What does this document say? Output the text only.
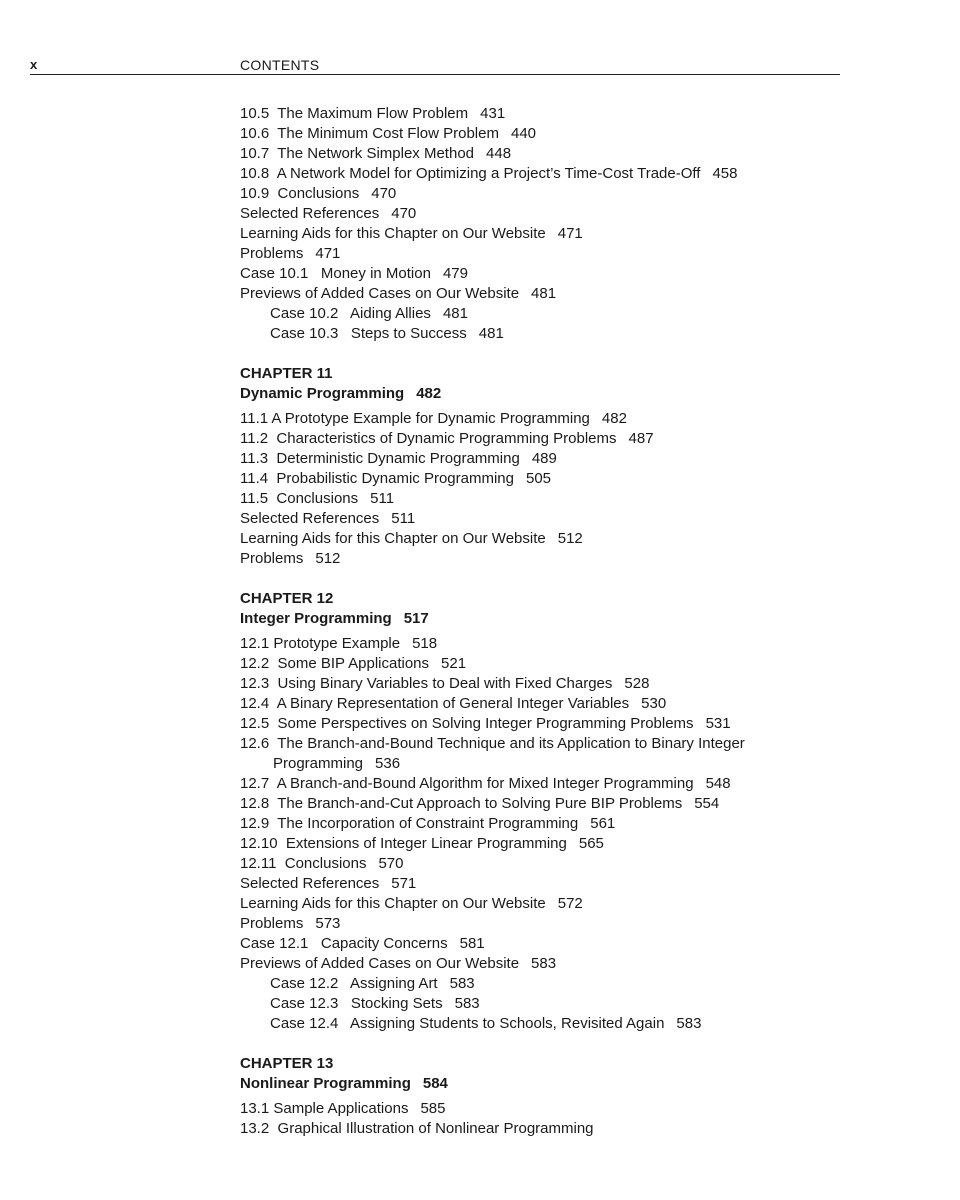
x	CONTENTS
10.5  The Maximum Flow Problem 431
10.6  The Minimum Cost Flow Problem 440
10.7  The Network Simplex Method 448
10.8  A Network Model for Optimizing a Project’s Time-Cost Trade-Off 458
10.9  Conclusions 470
Selected References 470
Learning Aids for this Chapter on Our Website 471
Problems 471
Case 10.1   Money in Motion 479
Previews of Added Cases on Our Website 481
Case 10.2   Aiding Allies 481
Case 10.3   Steps to Success 481
CHAPTER 11
Dynamic Programming 482
11.1 A Prototype Example for Dynamic Programming 482
11.2  Characteristics of Dynamic Programming Problems 487
11.3  Deterministic Dynamic Programming 489
11.4  Probabilistic Dynamic Programming 505
11.5  Conclusions 511
Selected References 511
Learning Aids for this Chapter on Our Website 512
Problems 512
CHAPTER 12
Integer Programming 517
12.1 Prototype Example 518
12.2  Some BIP Applications 521
12.3  Using Binary Variables to Deal with Fixed Charges 528
12.4  A Binary Representation of General Integer Variables 530
12.5  Some Perspectives on Solving Integer Programming Problems 531
12.6  The Branch-and-Bound Technique and its Application to Binary Integer Programming 536
12.7  A Branch-and-Bound Algorithm for Mixed Integer Programming 548
12.8  The Branch-and-Cut Approach to Solving Pure BIP Problems 554
12.9  The Incorporation of Constraint Programming 561
12.10  Extensions of Integer Linear Programming 565
12.11  Conclusions 570
Selected References 571
Learning Aids for this Chapter on Our Website 572
Problems 573
Case 12.1   Capacity Concerns 581
Previews of Added Cases on Our Website 583
Case 12.2   Assigning Art 583
Case 12.3   Stocking Sets 583
Case 12.4   Assigning Students to Schools, Revisited Again 583
CHAPTER 13
Nonlinear Programming 584
13.1 Sample Applications 585
13.2  Graphical Illustration of Nonlinear Programming
